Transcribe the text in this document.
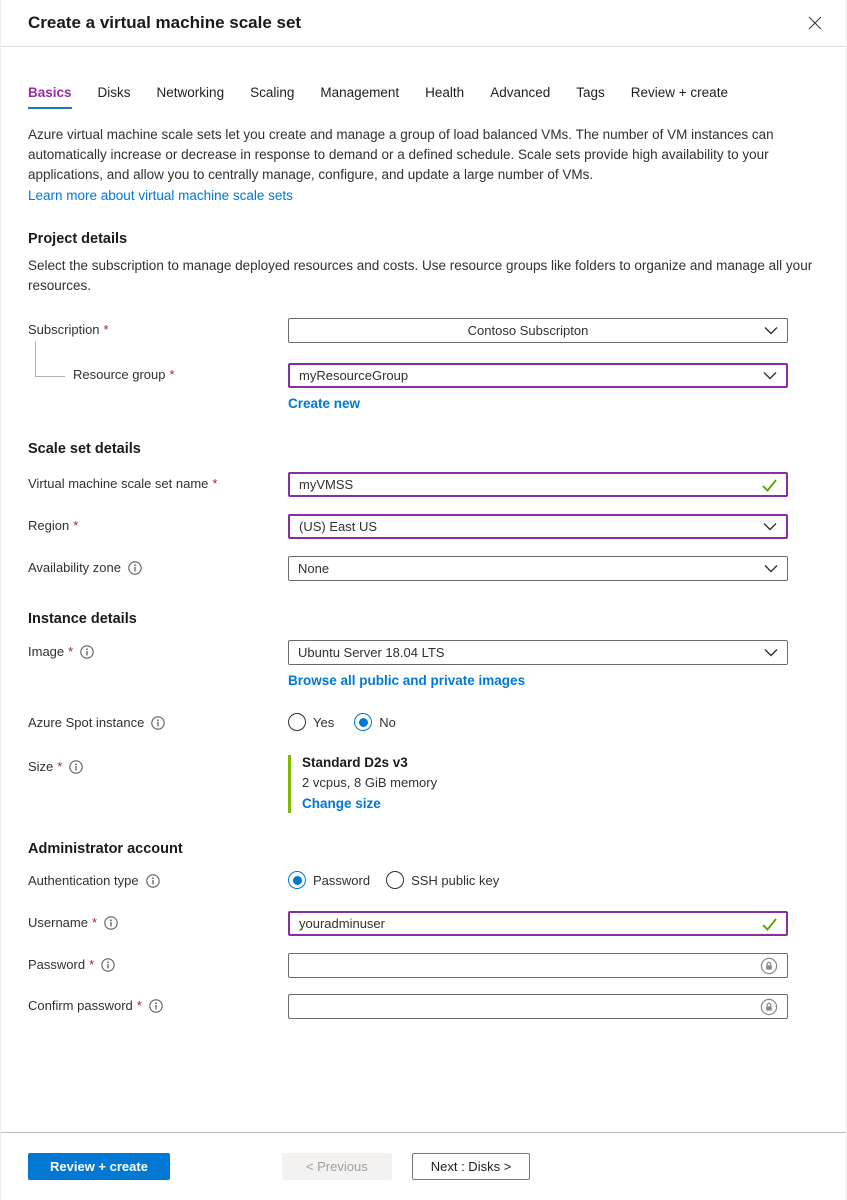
Create a virtual machine scale set
Basics Disks Networking Scaling Management Health Advanced Tags Review + create
Azure virtual machine scale sets let you create and manage a group of load balanced VMs. The number of VM instances can automatically increase or decrease in response to demand or a defined schedule. Scale sets provide high availability to your applications, and allow you to centrally manage, configure, and update a large number of VMs.
Learn more about virtual machine scale sets
Project details
Select the subscription to manage deployed resources and costs. Use resource groups like folders to organize and manage all your resources.
Subscription *	Contoso Subscripton
Resource group *	myResourceGroup
Create new
Scale set details
Virtual machine scale set name *
myVMSS
Region *	(US) East US
Availability zone	None
Instance details
Image *	Ubuntu Server 18.04 LTS
Browse all public and private images
Azure Spot instance	Yes	No
Size *	Standard D2s v3
2 vcpus, 8 GiB memory
Change size
Administrator account
Authentication type	Password	SSH public key
Username *
youradminuser
Password *
Confirm password *
Review + create	< Previous	Next : Disks >
